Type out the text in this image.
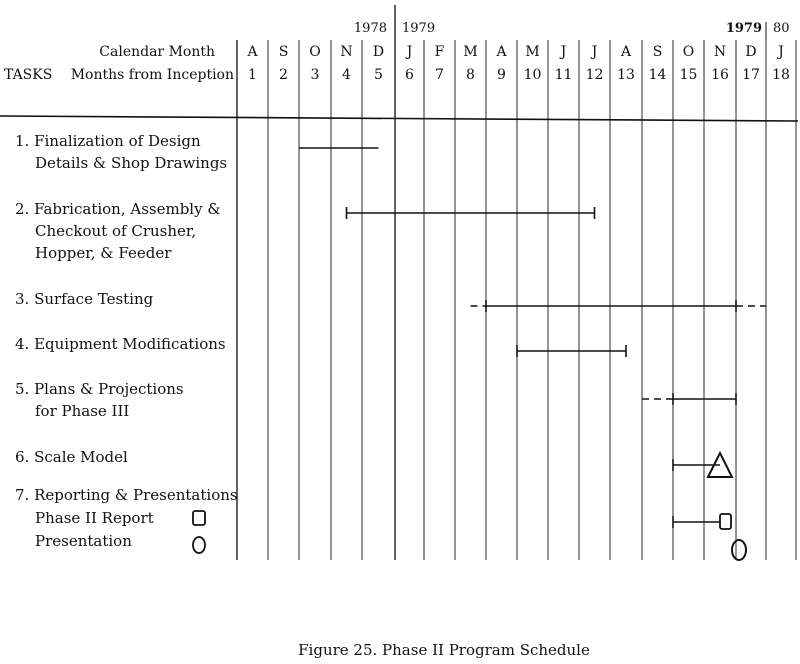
Calendar Month
TASKS Months from Inception
1978 1979	1979 80
A
1
S
2
O
3
N
4
D
5
J
6
F
7
M
8
A
9
M
10
J
11
J
12
A
13
S
14
O
15
N
16
D
17
J
18
1. Finalization of Design
Details & Shop Drawings
2. Fabrication, Assembly &
Checkout of Crusher,
Hopper, & Feeder
3. Surface Testing
4. Equipment Modifications
5. Plans & Projections
for Phase III
6. Scale Model
7. Reporting & Presentations
Phase II Report
Presentation
Figure 25. Phase II Program Schedule
